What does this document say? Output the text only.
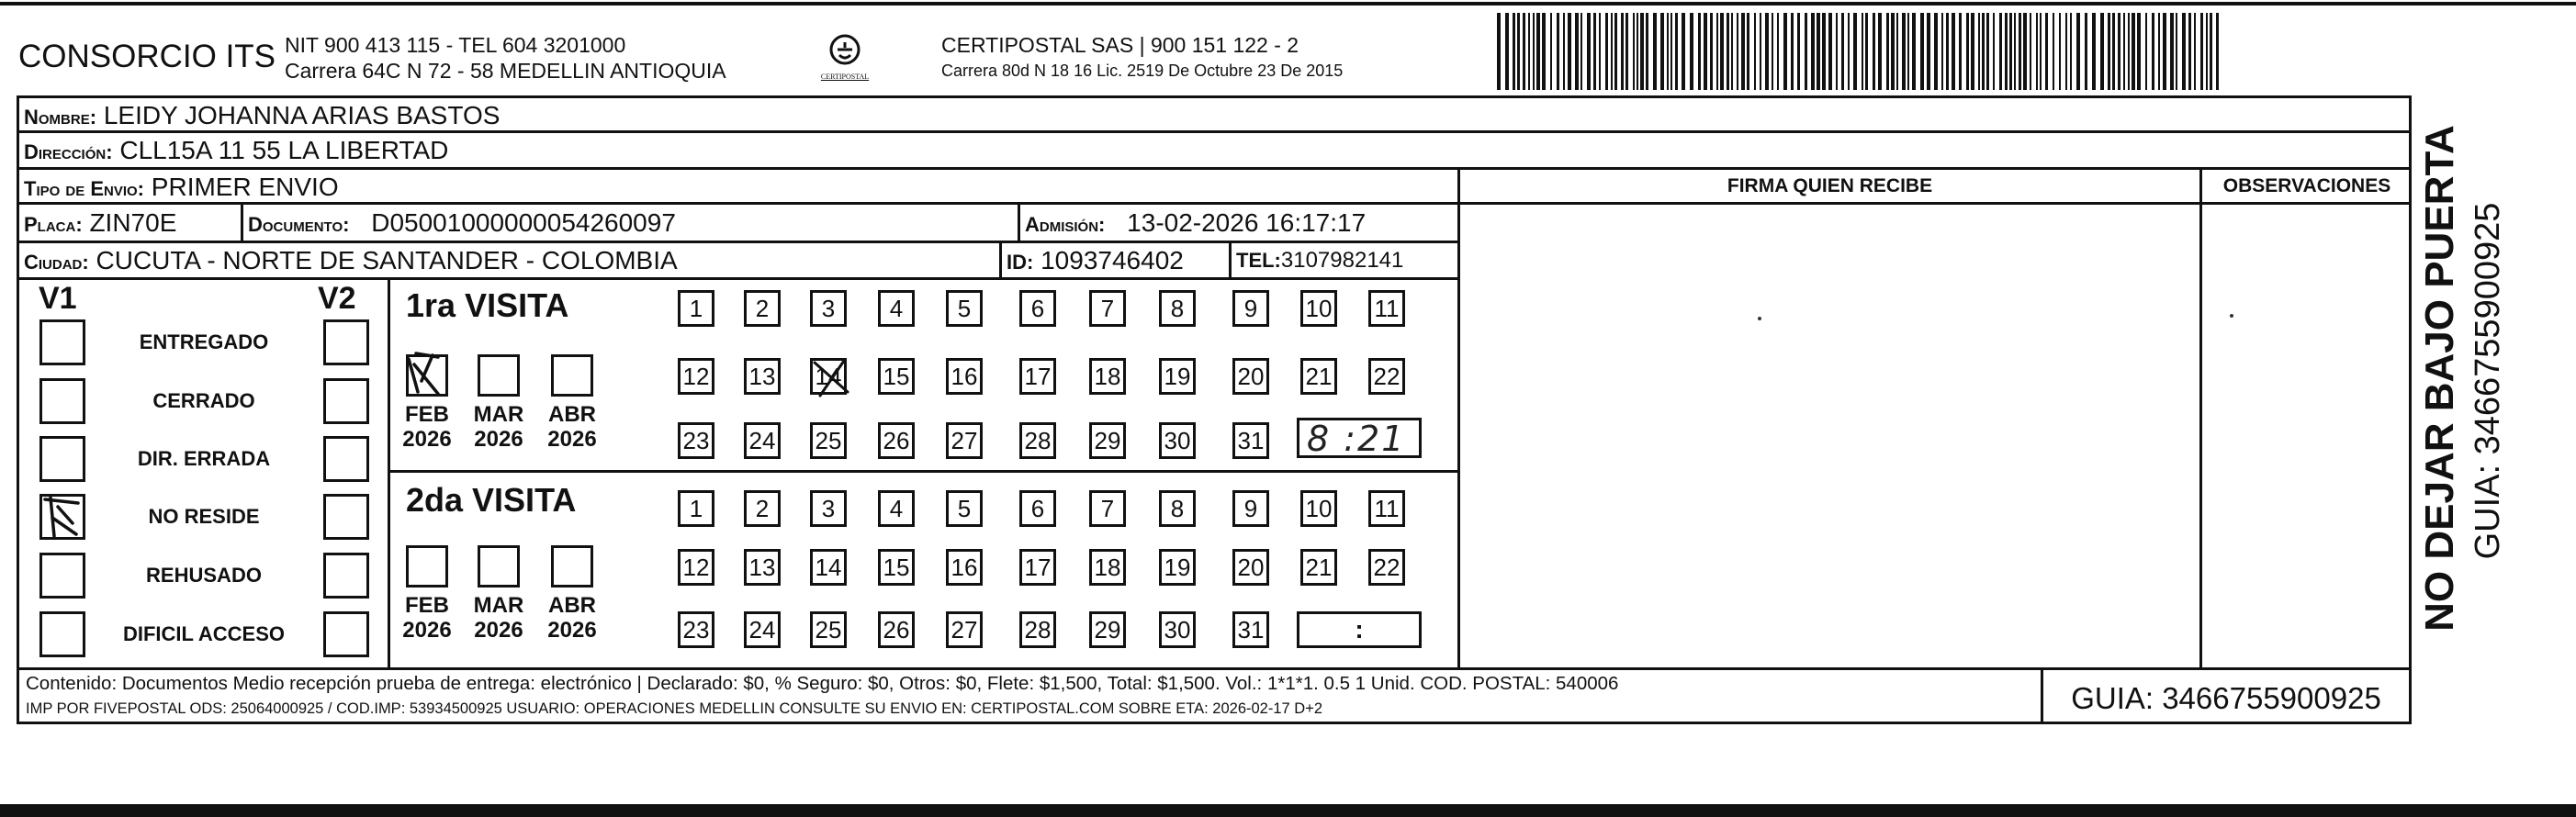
CONSORCIO ITS NIT 900 413 115 - TEL 604 3201000
Carrera 64C N 72 - 58 MEDELLIN ANTIOQUIA	CERTIPOSTAL
CERTIPOSTAL SAS | 900 151 122 - 2
Carrera 80d N 18 16 Lic. 2519 De Octubre 23 De 2015
Nombre: LEIDY JOHANNA ARIAS BASTOS
Dirección: CLL15A 11 55 LA LIBERTAD
Tipo de Envio: PRIMER ENVIO
Placa: ZIN70E	Documento: D05001000000054260097	Admisión: 13-02-2026 16:17:17
Ciudad: CUCUTA - NORTE DE SANTANDER - COLOMBIA	ID: 1093746402	TEL:3107982141
FIRMA QUIEN RECIBE	OBSERVACIONES
V1	V2
ENTREGADO
CERRADO
DIR. ERRADA
NO RESIDE
REHUSADO
DIFICIL ACCESO
1ra VISITA
2da VISITA
FEB
2026
MAR
2026
ABR
2026
FEB
2026
MAR
2026
ABR
2026
1 2 3 4 5	6 7 8	9 10 11
12 13 14 15 16 17 18 19 20 21 22
23 24 25 26 27 28 29 30 31
1 2 3 4 5	6 7 8	9 10 11
12 13 14 15 16 17 18 19 20 21 22
23 24 25 26 27 28 29 30 31
8 :21
:
Contenido: Documentos Medio recepción prueba de entrega: electrónico | Declarado: $0, % Seguro: $0, Otros: $0, Flete: $1,500, Total: $1,500. Vol.: 1*1*1. 0.5 1 Unid. COD. POSTAL: 540006
IMP POR FIVEPOSTAL ODS: 25064000925 / COD.IMP: 53934500925 USUARIO: OPERACIONES MEDELLIN CONSULTE SU ENVIO EN: CERTIPOSTAL.COM SOBRE ETA: 2026-02-17 D+2	GUIA: 3466755900925
NO DEJAR BAJO PUERTA GUIA: 3466755900925
